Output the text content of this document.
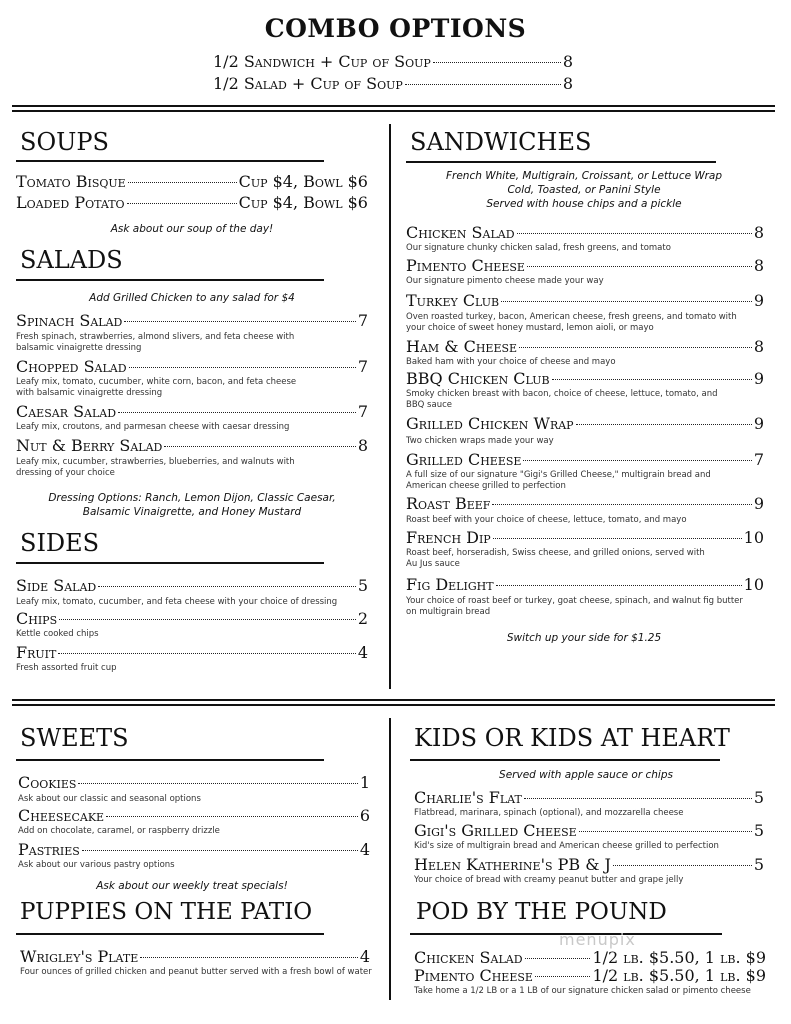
COMBO OPTIONS
1/2 Sandwich + Cup of Soup	8
1/2 Salad + Cup of Soup	8
SOUPS
Tomato Bisque	Cup $4, Bowl $6
Loaded Potato	Cup $4, Bowl $6
Ask about our soup of the day!
SALADS
Add Grilled Chicken to any salad for $4
Spinach Salad	7
Fresh spinach, strawberries, almond slivers, and feta cheese with balsamic vinaigrette dressing
Chopped Salad	7
Leafy mix, tomato, cucumber, white corn, bacon, and feta cheese with balsamic vinaigrette dressing
Caesar Salad	7
Leafy mix, croutons, and parmesan cheese with caesar dressing
Nut & Berry Salad	8
Leafy mix, cucumber, strawberries, blueberries, and walnuts with dressing of your choice
Dressing Options: Ranch, Lemon Dijon, Classic Caesar,
Balsamic Vinaigrette, and Honey Mustard
SIDES
Side Salad	5
Leafy mix, tomato, cucumber, and feta cheese with your choice of dressing
Chips	2
Kettle cooked chips
Fruit	4
Fresh assorted fruit cup
SANDWICHES
French White, Multigrain, Croissant, or Lettuce Wrap
Cold, Toasted, or Panini Style
Served with house chips and a pickle
Chicken Salad	8
Our signature chunky chicken salad, fresh greens, and tomato
Pimento Cheese	8
Our signature pimento cheese made your way
Turkey Club	9
Oven roasted turkey, bacon, American cheese, fresh greens, and tomato with your choice of sweet honey mustard, lemon aioli, or mayo
Ham & Cheese	8
Baked ham with your choice of cheese and mayo
BBQ Chicken Club	9
Smoky chicken breast with bacon, choice of cheese, lettuce, tomato, and BBQ sauce
Grilled Chicken Wrap	9
Two chicken wraps made your way
Grilled Cheese	7
A full size of our signature "Gigi's Grilled Cheese," multigrain bread and American cheese grilled to perfection
Roast Beef	9
Roast beef with your choice of cheese, lettuce, tomato, and mayo
French Dip	10
Roast beef, horseradish, Swiss cheese, and grilled onions, served with Au Jus sauce
Fig Delight	10
Your choice of roast beef or turkey, goat cheese, spinach, and walnut fig butter on multigrain bread
Switch up your side for $1.25
SWEETS
Cookies	1
Ask about our classic and seasonal options
Cheesecake	6
Add on chocolate, caramel, or raspberry drizzle
Pastries	4
Ask about our various pastry options
Ask about our weekly treat specials!
PUPPIES ON THE PATIO
Wrigley's Plate	4
Four ounces of grilled chicken and peanut butter served with a fresh bowl of water
KIDS OR KIDS AT HEART
Served with apple sauce or chips
Charlie's Flat	5
Flatbread, marinara, spinach (optional), and mozzarella cheese
Gigi's Grilled Cheese	5
Kid's size of multigrain bread and American cheese grilled to perfection
Helen Katherine's PB & J	5
Your choice of bread with creamy peanut butter and grape jelly
POD BY THE POUND
Chicken Salad	1/2 lb. $5.50, 1 lb. $9
Pimento Cheese	1/2 lb. $5.50, 1 lb. $9
Take home a 1/2 LB or a 1 LB of our signature chicken salad or pimento cheese
menupix
